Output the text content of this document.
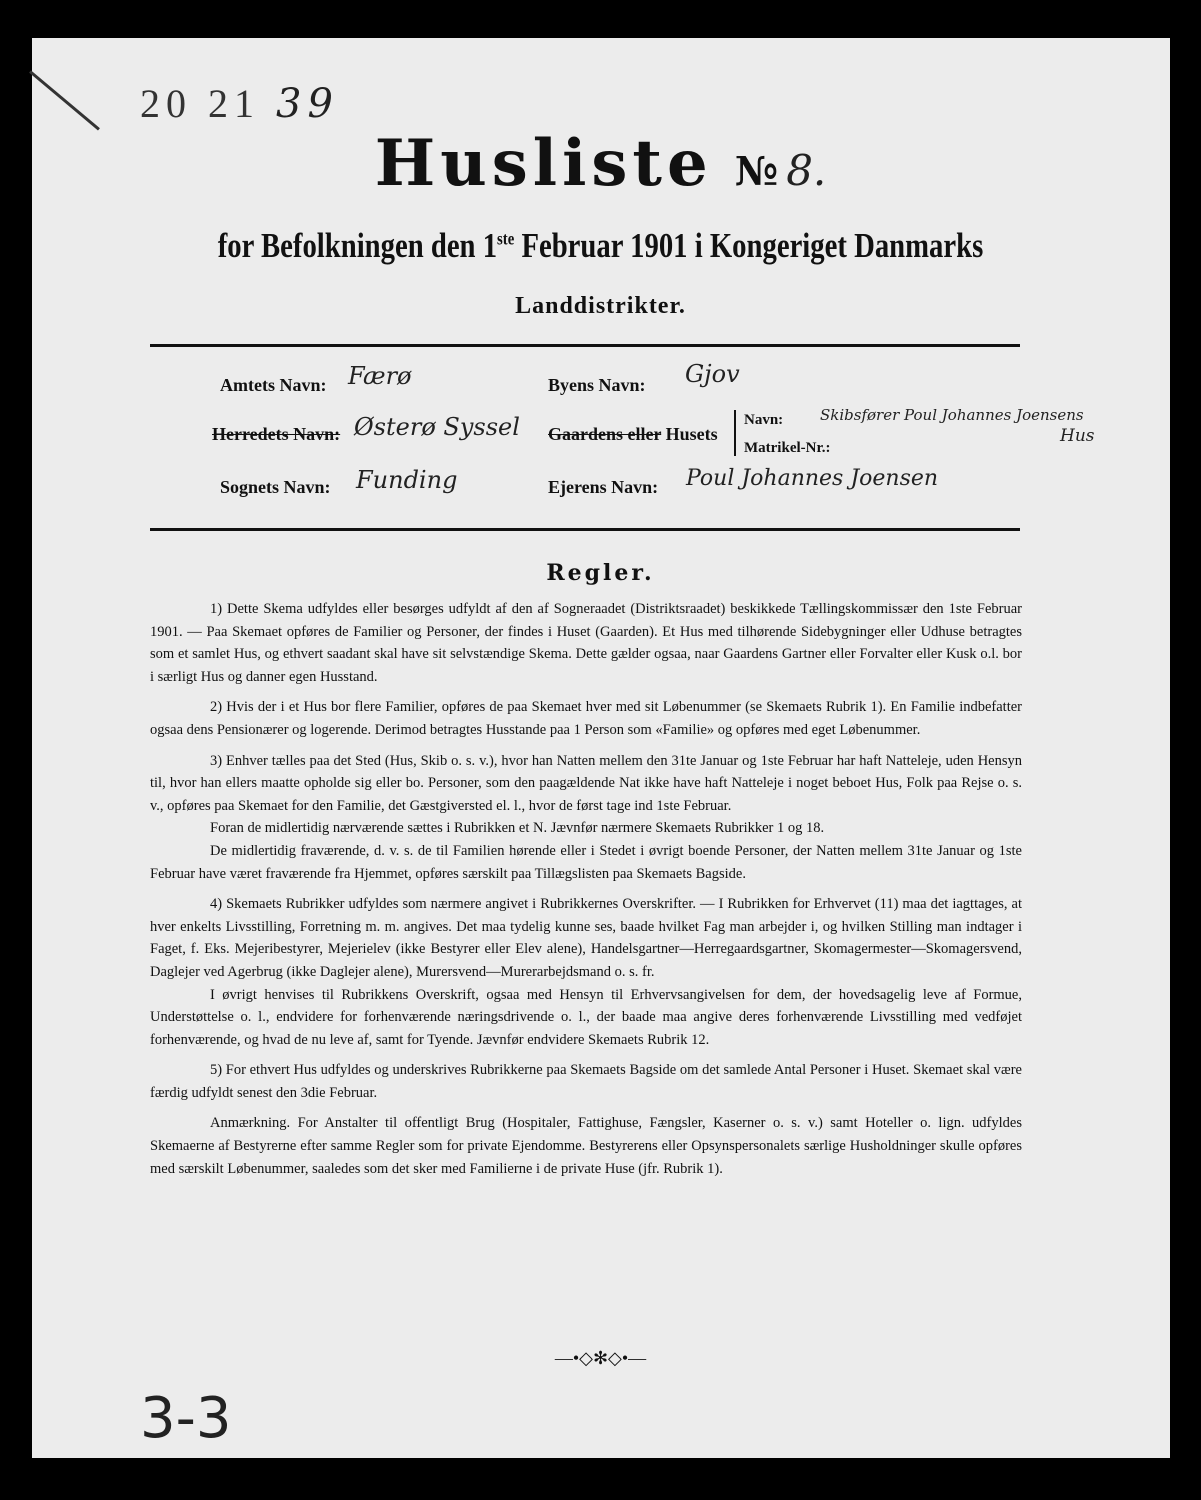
20 21 39
Husliste № 8.
for Befolkningen den 1ste Februar 1901 i Kongeriget Danmarks
Landdistrikter.
Amtets Navn: Færø
Herredets Navn: Østerø Syssel
Sognets Navn: Funding
Byens Navn: Gjov
Gaardens eller Husets
Navn: Skibsfører Poul Johannes Joensens
Hus
Matrikel-Nr.:
Ejerens Navn: Poul Johannes Joensen
Regler.

1) Dette Skema udfyldes eller besørges udfyldt af den af Sogneraadet (Distriktsraadet) beskikkede Tællingskommissær den 1ste Februar 1901. — Paa Skemaet opføres de Familier og Personer, der findes i Huset (Gaarden). Et Hus med tilhørende Sidebygninger eller Udhuse betragtes som et samlet Hus, og ethvert saadant skal have sit selvstændige Skema. Dette gælder ogsaa, naar Gaardens Gartner eller Forvalter eller Kusk o.l. bor i særligt Hus og danner egen Husstand.

2) Hvis der i et Hus bor flere Familier, opføres de paa Skemaet hver med sit Løbenummer (se Skemaets Rubrik 1). En Familie indbefatter ogsaa dens Pensionærer og logerende. Derimod betragtes Husstande paa 1 Person som «Familie» og opføres med eget Løbenummer.

3) Enhver tælles paa det Sted (Hus, Skib o. s. v.), hvor han Natten mellem den 31te Januar og 1ste Februar har haft Natteleje, uden Hensyn til, hvor han ellers maatte opholde sig eller bo. Personer, som den paagældende Nat ikke have haft Natteleje i noget beboet Hus, Folk paa Rejse o. s. v., opføres paa Skemaet for den Familie, det Gæstgiversted el. l., hvor de først tage ind 1ste Februar.

Foran de midlertidig nærværende sættes i Rubrikken et N. Jævnfør nærmere Skemaets Rubrikker 1 og 18.

De midlertidig fraværende, d. v. s. de til Familien hørende eller i Stedet i øvrigt boende Personer, der Natten mellem 31te Januar og 1ste Februar have været fraværende fra Hjemmet, opføres særskilt paa Tillægslisten paa Skemaets Bagside.

4) Skemaets Rubrikker udfyldes som nærmere angivet i Rubrikkernes Overskrifter. — I Rubrikken for Erhvervet (11) maa det iagttages, at hver enkelts Livsstilling, Forretning m. m. angives. Det maa tydelig kunne ses, baade hvilket Fag man arbejder i, og hvilken Stilling man indtager i Faget, f. Eks. Mejeribestyrer, Mejerielev (ikke Bestyrer eller Elev alene), Handelsgartner—Herregaardsgartner, Skomagermester—Skomagersvend, Daglejer ved Agerbrug (ikke Daglejer alene), Murersvend—Murerarbejdsmand o. s. fr.

I øvrigt henvises til Rubrikkens Overskrift, ogsaa med Hensyn til Erhvervsangivelsen for dem, der hovedsagelig leve af Formue, Understøttelse o. l., endvidere for forhenværende næringsdrivende o. l., der baade maa angive deres forhenværende Livsstilling med vedføjet forhenværende, og hvad de nu leve af, samt for Tyende. Jævnfør endvidere Skemaets Rubrik 12.

5) For ethvert Hus udfyldes og underskrives Rubrikkerne paa Skemaets Bagside om det samlede Antal Personer i Huset. Skemaet skal være færdig udfyldt senest den 3die Februar.

Anmærkning. For Anstalter til offentligt Brug (Hospitaler, Fattighuse, Fængsler, Kaserner o. s. v.) samt Hoteller o. lign. udfyldes Skemaerne af Bestyrerne efter samme Regler som for private Ejendomme. Bestyrerens eller Opsynspersonalets særlige Husholdninger skulle opføres med særskilt Løbenummer, saaledes som det sker med Familierne i de private Huse (jfr. Rubrik 1).

—•◇✻◇•—
3-3
